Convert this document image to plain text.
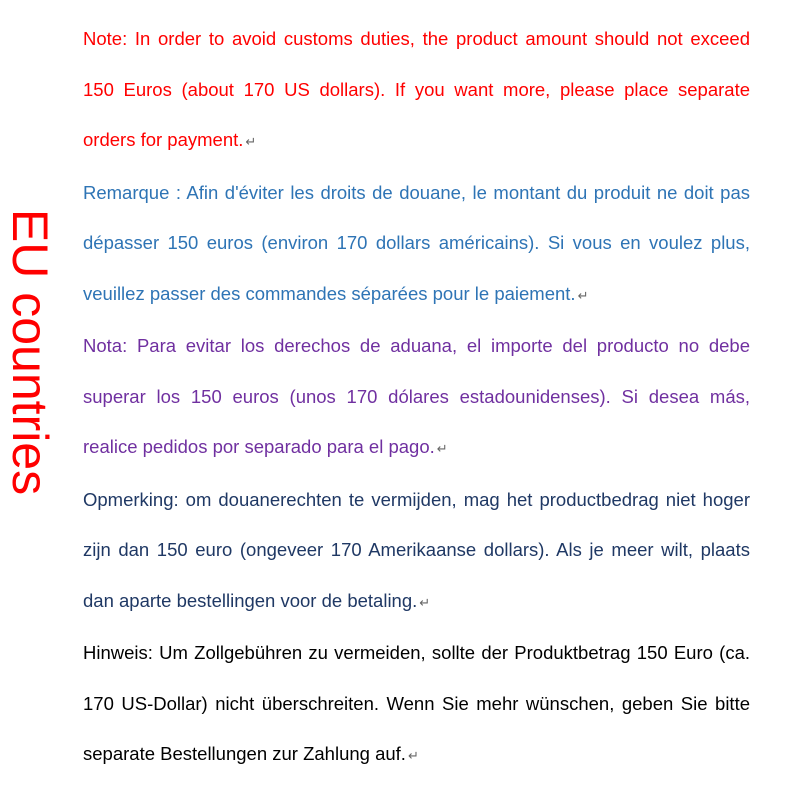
EU countries

Note: In order to avoid customs duties, the product amount should not exceed 150 Euros (about 170 US dollars). If you want more, please place separate orders for payment. ↵

Remarque : Afin d'éviter les droits de douane, le montant du produit ne doit pas dépasser 150 euros (environ 170 dollars américains). Si vous en voulez plus, veuillez passer des commandes séparées pour le paiement. ↵

Nota: Para evitar los derechos de aduana, el importe del producto no debe superar los 150 euros (unos 170 dólares estadounidenses). Si desea más, realice pedidos por separado para el pago. ↵

Opmerking: om douanerechten te vermijden, mag het productbedrag niet hoger zijn dan 150 euro (ongeveer 170 Amerikaanse dollars). Als je meer wilt, plaats dan aparte bestellingen voor de betaling. ↵

Hinweis: Um Zollgebühren zu vermeiden, sollte der Produktbetrag 150 Euro (ca. 170 US-Dollar) nicht überschreiten. Wenn Sie mehr wünschen, geben Sie bitte separate Bestellungen zur Zahlung auf. ↵
